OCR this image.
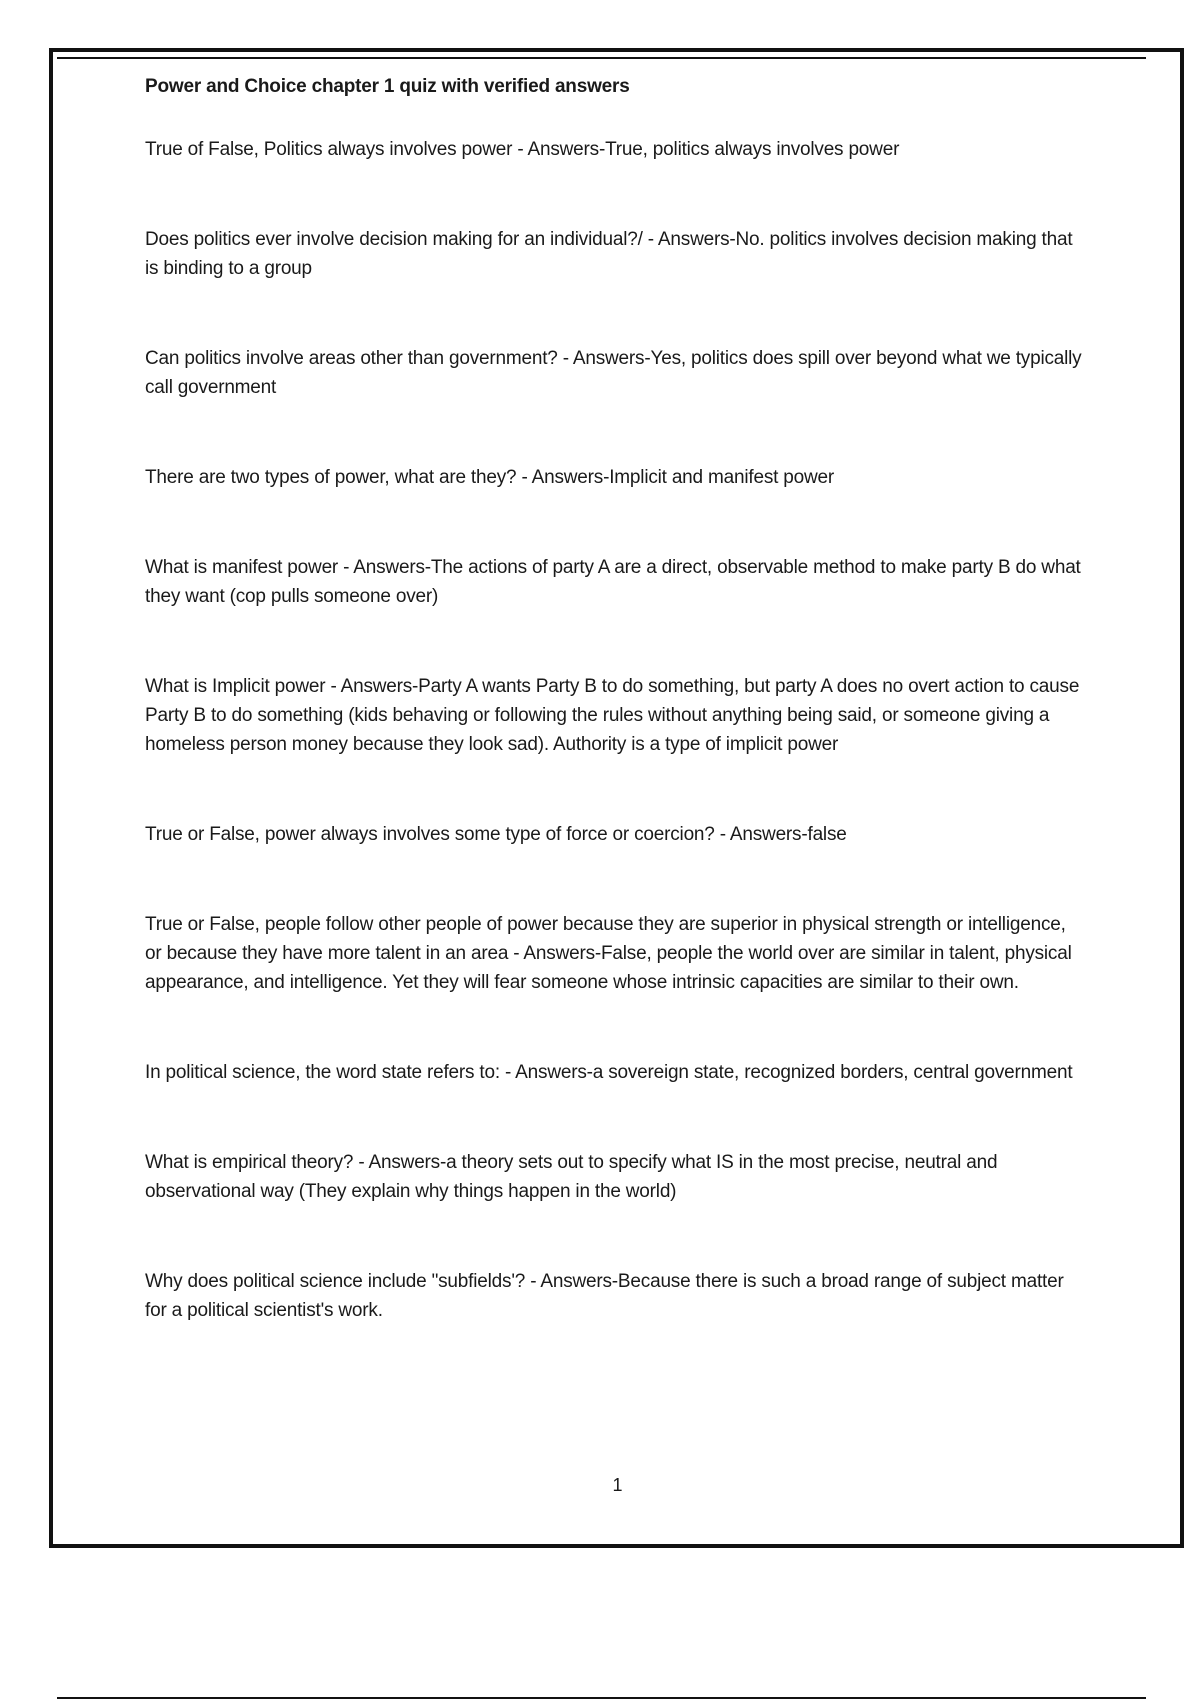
Power and Choice chapter 1 quiz with verified answers

True of False, Politics always involves power - Answers-True, politics always involves power

Does politics ever involve decision making for an individual?/ - Answers-No. politics involves decision making that is binding to a group

Can politics involve areas other than government? - Answers-Yes, politics does spill over beyond what we typically call government

There are two types of power, what are they? - Answers-Implicit and manifest power

What is manifest power - Answers-The actions of party A are a direct, observable method to make party B do what they want (cop pulls someone over)

What is Implicit power - Answers-Party A wants Party B to do something, but party A does no overt action to cause Party B to do something (kids behaving or following the rules without anything being said, or someone giving a homeless person money because they look sad). Authority is a type of implicit power

True or False, power always involves some type of force or coercion? - Answers-false

True or False, people follow other people of power because they are superior in physical strength or intelligence, or because they have more talent in an area - Answers-False, people the world over are similar in talent, physical appearance, and intelligence. Yet they will fear someone whose intrinsic capacities are similar to their own.

In political science, the word state refers to: - Answers-a sovereign state, recognized borders, central government

What is empirical theory? - Answers-a theory sets out to specify what IS in the most precise, neutral and observational way (They explain why things happen in the world)

Why does political science include "subfields'? - Answers-Because there is such a broad range of subject matter for a political scientist's work.

1
